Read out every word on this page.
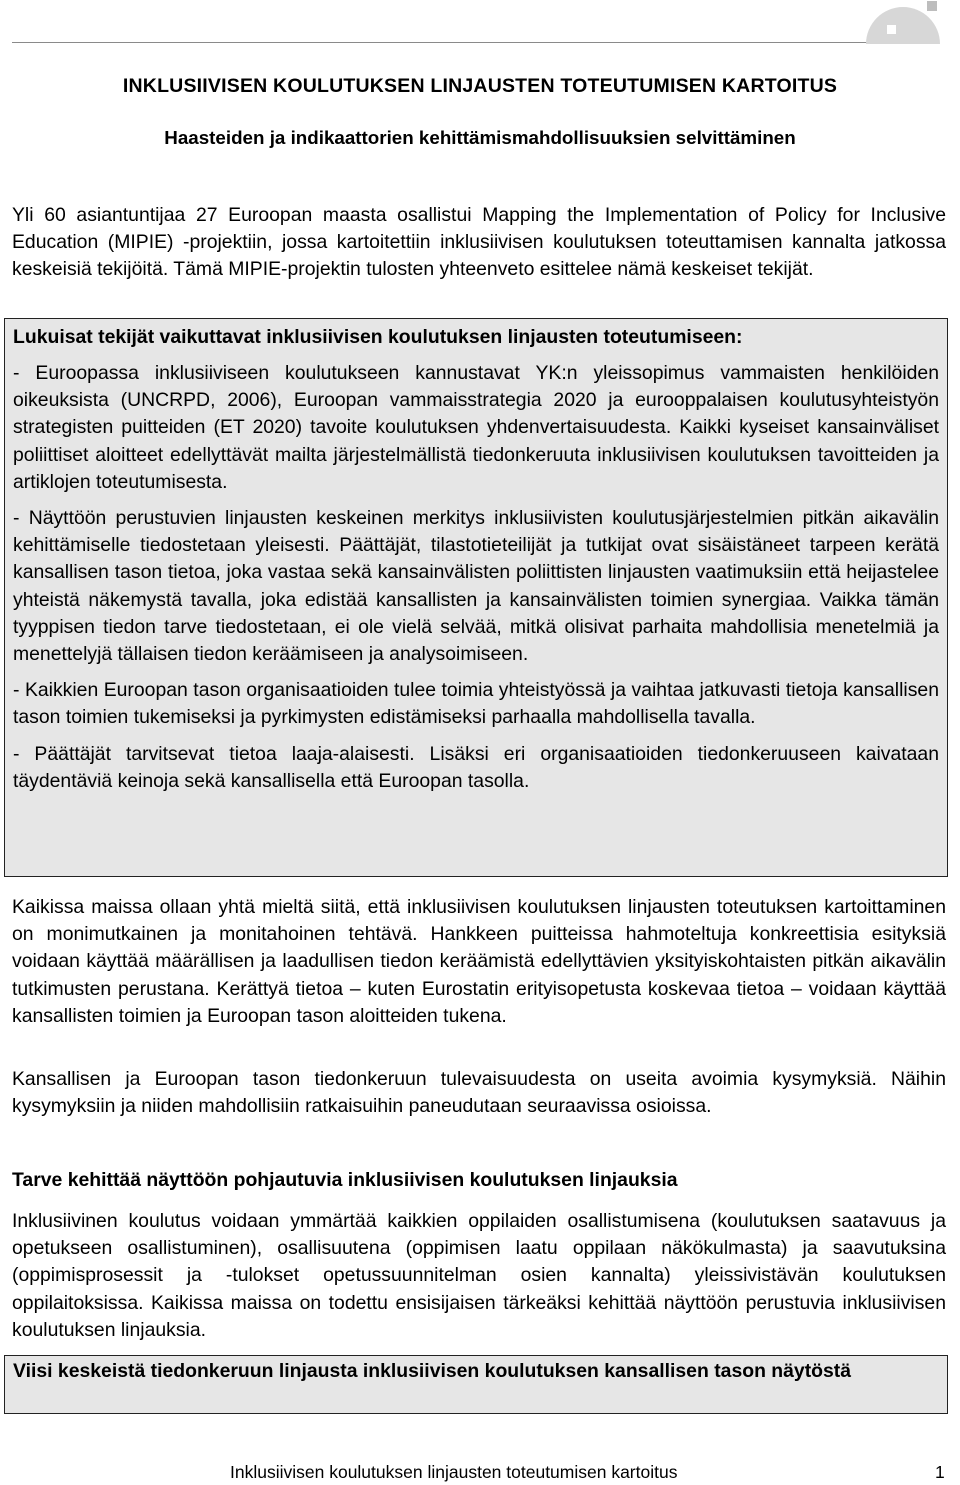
INKLUSIIVISEN KOULUTUKSEN LINJAUSTEN TOTEUTUMISEN KARTOITUS
Haasteiden ja indikaattorien kehittämismahdollisuuksien selvittäminen

Yli 60 asiantuntijaa 27 Euroopan maasta osallistui Mapping the Implementation of Policy for Inclusive Education (MIPIE) -projektiin, jossa kartoitettiin inklusiivisen koulutuksen toteuttamisen kannalta jatkossa keskeisiä tekijöitä. Tämä MIPIE-projektin tulosten yhteenveto esittelee nämä keskeiset tekijät.

Lukuisat tekijät vaikuttavat inklusiivisen koulutuksen linjausten toteutumiseen:

- Euroopassa inklusiiviseen koulutukseen kannustavat YK:n yleissopimus vammaisten henkilöiden oikeuksista (UNCRPD, 2006), Euroopan vammaisstrategia 2020 ja eurooppalaisen koulutusyhteistyön strategisten puitteiden (ET 2020) tavoite koulutuksen yhdenvertaisuudesta. Kaikki kyseiset kansainväliset poliittiset aloitteet edellyttävät mailta järjestelmällistä tiedonkeruuta inklusiivisen koulutuksen tavoitteiden ja artiklojen toteutumisesta.

- Näyttöön perustuvien linjausten keskeinen merkitys inklusiivisten koulutusjärjestelmien pitkän aikavälin kehittämiselle tiedostetaan yleisesti. Päättäjät, tilastotieteilijät ja tutkijat ovat sisäistäneet tarpeen kerätä kansallisen tason tietoa, joka vastaa sekä kansainvälisten poliittisten linjausten vaatimuksiin että heijastelee yhteistä näkemystä tavalla, joka edistää kansallisten ja kansainvälisten toimien synergiaa. Vaikka tämän tyyppisen tiedon tarve tiedostetaan, ei ole vielä selvää, mitkä olisivat parhaita mahdollisia menetelmiä ja menettelyjä tällaisen tiedon keräämiseen ja analysoimiseen.

- Kaikkien Euroopan tason organisaatioiden tulee toimia yhteistyössä ja vaihtaa jatkuvasti tietoja kansallisen tason toimien tukemiseksi ja pyrkimysten edistämiseksi parhaalla mahdollisella tavalla.

- Päättäjät tarvitsevat tietoa laaja-alaisesti. Lisäksi eri organisaatioiden tiedonkeruuseen kaivataan täydentäviä keinoja sekä kansallisella että Euroopan tasolla.

Kaikissa maissa ollaan yhtä mieltä siitä, että inklusiivisen koulutuksen linjausten toteutuksen kartoittaminen on monimutkainen ja monitahoinen tehtävä. Hankkeen puitteissa hahmoteltuja konkreettisia esityksiä voidaan käyttää määrällisen ja laadullisen tiedon keräämistä edellyttävien yksityiskohtaisten pitkän aikavälin tutkimusten perustana. Kerättyä tietoa – kuten Eurostatin erityisopetusta koskevaa tietoa – voidaan käyttää kansallisten toimien ja Euroopan tason aloitteiden tukena.

Kansallisen ja Euroopan tason tiedonkeruun tulevaisuudesta on useita avoimia kysymyksiä. Näihin kysymyksiin ja niiden mahdollisiin ratkaisuihin paneudutaan seuraavissa osioissa.

Tarve kehittää näyttöön pohjautuvia inklusiivisen koulutuksen linjauksia

Inklusiivinen koulutus voidaan ymmärtää kaikkien oppilaiden osallistumisena (koulutuksen saatavuus ja opetukseen osallistuminen), osallisuutena (oppimisen laatu oppilaan näkökulmasta) ja saavutuksina (oppimisprosessit ja -tulokset opetussuunnitelman osien kannalta) yleissivistävän koulutuksen oppilaitoksissa. Kaikissa maissa on todettu ensisijaisen tärkeäksi kehittää näyttöön perustuvia inklusiivisen koulutuksen linjauksia.

Viisi keskeistä tiedonkeruun linjausta inklusiivisen koulutuksen kansallisen tason näytöstä
Inklusiivisen koulutuksen linjausten toteutumisen kartoitus	1
